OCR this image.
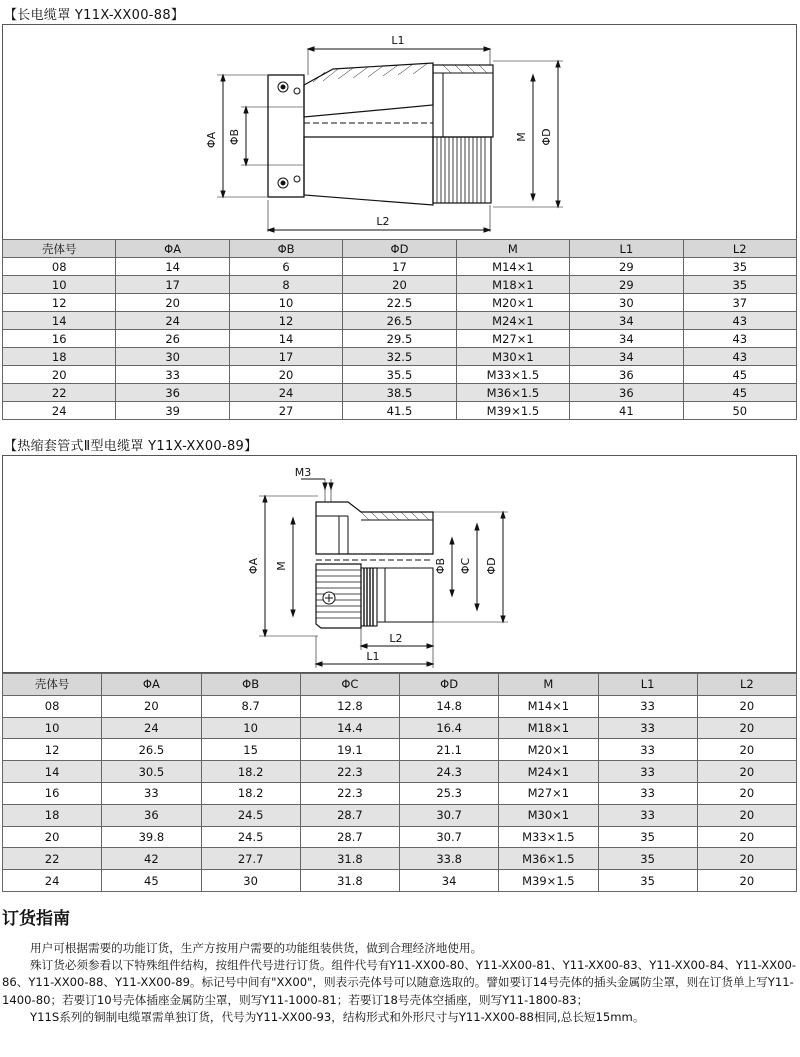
【长电缆罩 Y11X-XX00-88】
L1
L2
ΦA ΦB	M ΦD
壳体号	ΦA	ΦB	ΦD	M	L1	L2
08	14	6	17	M14×1	29	35
10	17	8	20	M18×1	29	35
12	20	10	22.5	M20×1	30	37
14	24	12	26.5	M24×1	34	43
16	26	14	29.5	M27×1	34	43
18	30	17	32.5	M30×1	34	43
20	33	20	35.5	M33×1.5	36	45
22	36	24	38.5	M36×1.5	36	45
24	39	27	41.5	M39×1.5	41	50
【热缩套管式Ⅱ型电缆罩 Y11X-XX00-89】
M3
ΦA M	ΦB ΦC ΦD
L2
L1
壳体号	ΦA	ΦB	ΦC	ΦD	M	L1	L2
08	20	8.7	12.8	14.8	M14×1	33	20
10	24	10	14.4	16.4	M18×1	33	20
12	26.5	15	19.1	21.1	M20×1	33	20
14	30.5	18.2	22.3	24.3	M24×1	33	20
16	33	18.2	22.3	25.3	M27×1	33	20
18	36	24.5	28.7	30.7	M30×1	33	20
20	39.8	24.5	28.7	30.7	M33×1.5	35	20
22	42	27.7	31.8	33.8	M36×1.5	35	20
24	45	30	31.8	34	M39×1.5	35	20
订货指南

用户可根据需要的功能订货，生产方按用户需要的功能组装供货，做到合理经济地使用。

殊订货必须参看以下特殊组件结构，按组件代号进行订货。组件代号有Y11-XX00-80、Y11-XX00-81、Y11-XX00-83、Y11-XX00-84、Y11-XX00-86、Y11-XX00-88、Y11-XX00-89。标记号中间有"XX00"，则表示壳体号可以随意选取的。譬如要订14号壳体的插头金属防尘罩，则在订货单上写Y11-1400-80；若要订10号壳体插座金属防尘罩，则写Y11-1000-81；若要订18号壳体空插座，则写Y11-1800-83；

Y11S系列的铜制电缆罩需单独订货，代号为Y11-XX00-93，结构形式和外形尺寸与Y11-XX00-88相同,总长短15mm。
